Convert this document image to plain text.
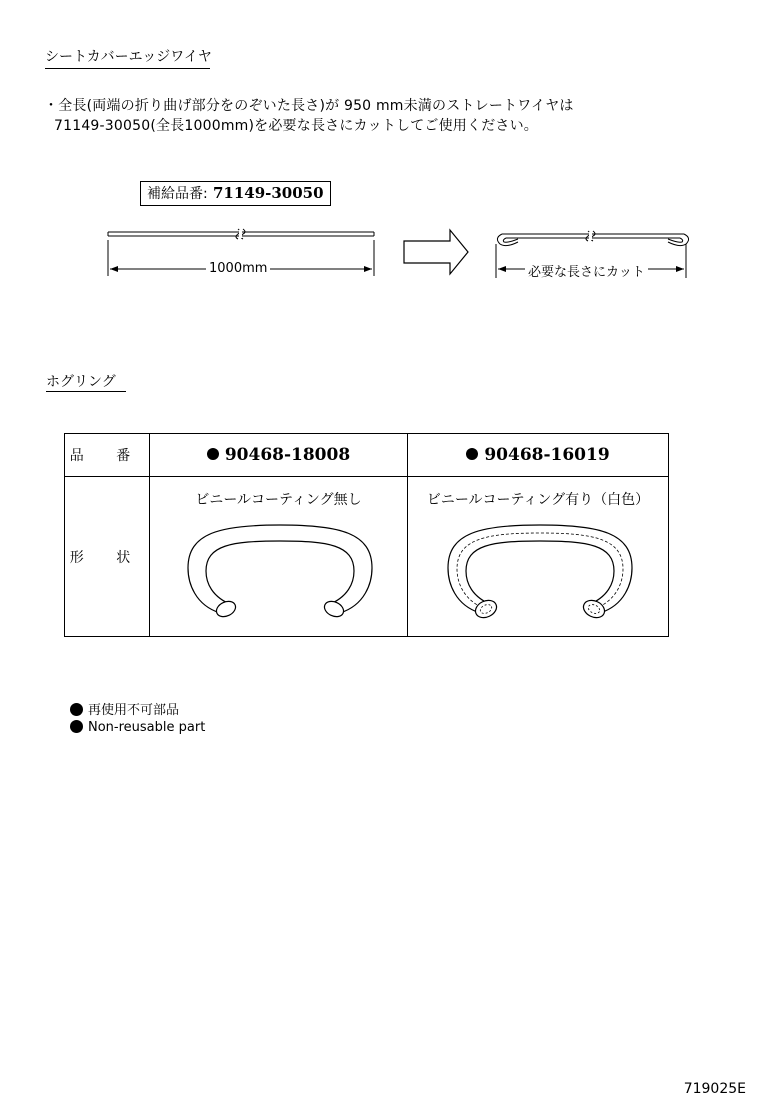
シートカバーエッジワイヤ
・全長(両端の折り曲げ部分をのぞいた長さ)が 950 mm未満のストレートワイヤは
71149-30050(全長1000mm)を必要な長さにカットしてご使用ください。
補給品番: 71149-30050
1000mm	必要な長さにカット
ホグリング
品 番	90468-18008	90468-16019
形 状	ビニールコーティング無し	ビニールコーティング有り（白色）
再使用不可部品
Non-reusable part
719025E
